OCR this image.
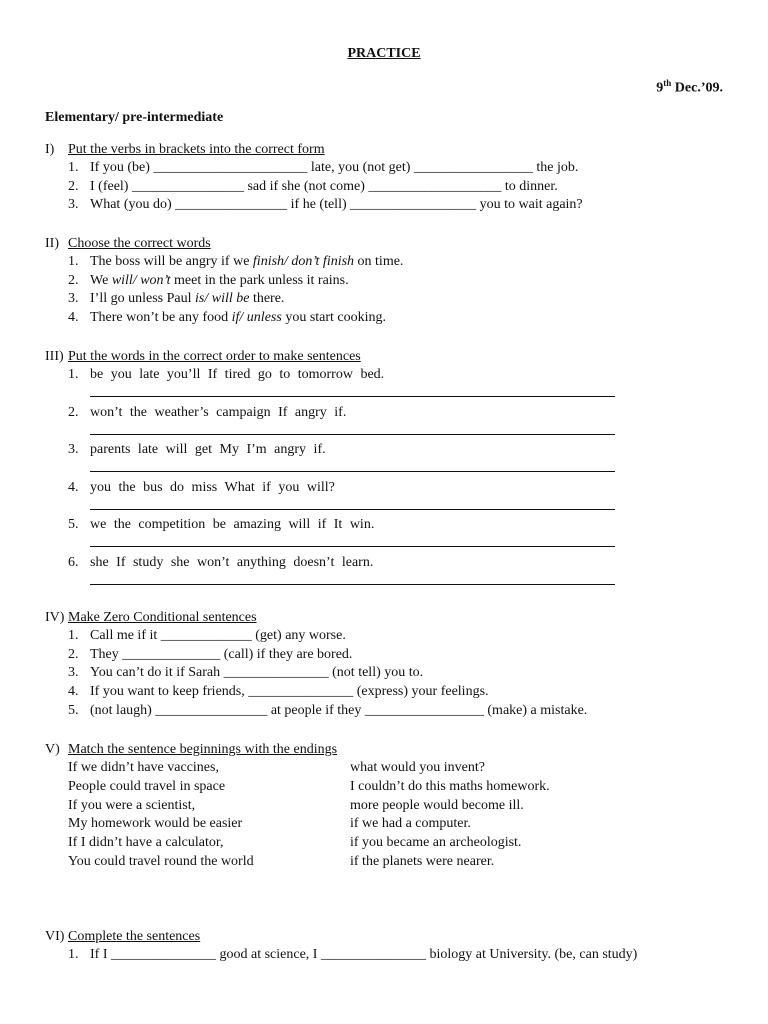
PRACTICE
9th Dec.’09.
Elementary/ pre-intermediate
I) Put the verbs in brackets into the correct form
1. If you (be) ______________________ late, you (not get) _________________ the job.
2. I (feel) ________________ sad if she (not come) ___________________ to dinner.
3. What (you do) ________________ if he (tell) __________________ you to wait again?
II) Choose the correct words
1. The boss will be angry if we finish/ don’t finish on time.
2. We will/ won’t meet in the park unless it rains.
3. I’ll go unless Paul is/ will be there.
4. There won’t be any food if/ unless you start cooking.
III) Put the words in the correct order to make sentences
1. be you late you’ll If tired go to tomorrow bed.
2. won’t the weather’s campaign If angry if.
3. parents late will get My I’m angry if.
4. you the bus do miss What if you will?
5. we the competition be amazing will if It win.
6. she If study she won’t anything doesn’t learn.
IV) Make Zero Conditional sentences
1. Call me if it _____________ (get) any worse.
2. They ______________ (call) if they are bored.
3. You can’t do it if Sarah _______________ (not tell) you to.
4. If you want to keep friends, _______________ (express) your feelings.
5. (not laugh) ________________ at people if they _________________ (make) a mistake.
V) Match the sentence beginnings with the endings
If we didn’t have vaccines,	what would you invent?
People could travel in space	I couldn’t do this maths homework.
If you were a scientist,	more people would become ill.
My homework would be easier	if we had a computer.
If I didn’t have a calculator,	if you became an archeologist.
You could travel round the world	if the planets were nearer.
VI) Complete the sentences
1. If I _______________ good at science, I _______________ biology at University. (be, can study)
